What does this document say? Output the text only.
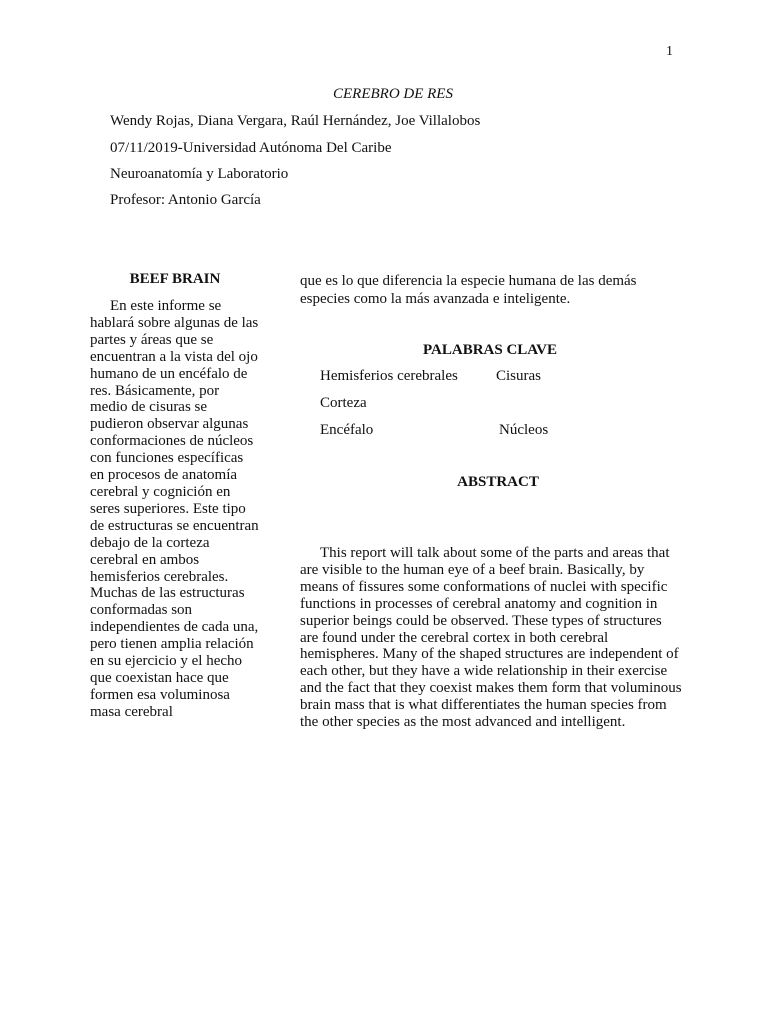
1
CEREBRO DE RES
Wendy Rojas, Diana Vergara, Raúl Hernández, Joe Villalobos
07/11/2019-Universidad Autónoma Del Caribe
Neuroanatomía y Laboratorio
Profesor: Antonio García
BEEF BRAIN

En este informe se hablará sobre algunas de las partes y áreas que se encuentran a la vista del ojo humano de un encéfalo de res. Básicamente, por medio de cisuras se pudieron observar algunas conformaciones de núcleos con funciones específicas en procesos de anatomía cerebral y cognición en seres superiores. Este tipo de estructuras se encuentran debajo de la corteza cerebral en ambos hemisferios cerebrales. Muchas de las estructuras conformadas son independientes de cada una, pero tienen amplia relación en su ejercicio y el hecho que coexistan hace que formen esa voluminosa masa cerebral

que es lo que diferencia la especie humana de las demás especies como la más avanzada e inteligente.

PALABRAS CLAVE
Hemisferios cerebrales	Cisuras
Corteza
Encéfalo	Núcleos
ABSTRACT

This report will talk about some of the parts and areas that are visible to the human eye of a beef brain. Basically, by means of fissures some conformations of nuclei with specific functions in processes of cerebral anatomy and cognition in superior beings could be observed. These types of structures are found under the cerebral cortex in both cerebral hemispheres. Many of the shaped structures are independent of each other, but they have a wide relationship in their exercise and the fact that they coexist makes them form that voluminous brain mass that is what differentiates the human species from the other species as the most advanced and intelligent.
